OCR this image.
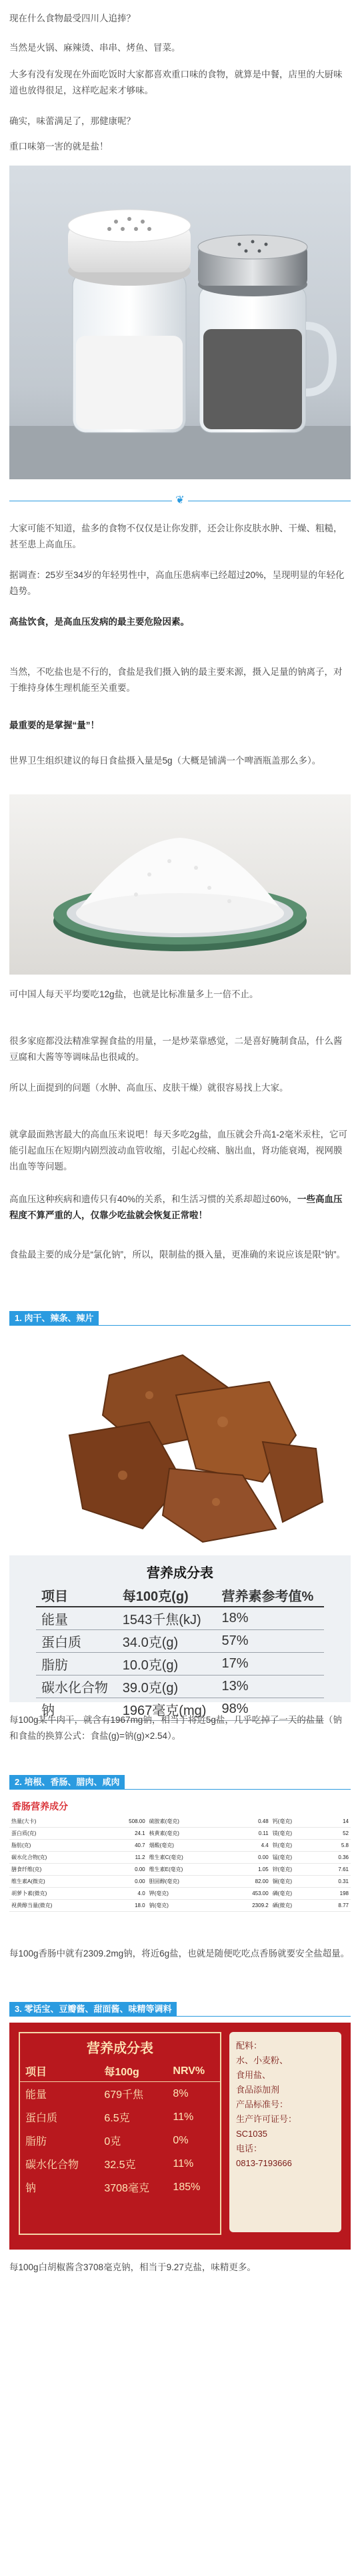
现在什么食物最受四川人追捧？

当然是火锅、麻辣烫、串串、烤鱼、冒菜。

大多有没有发现在外面吃饭时大家都喜欢重口味的食物，就算是中餐，店里的大厨味道也放得很足，这样吃起来才够味。

确实，味蕾满足了，那健康呢？

重口味第一害的就是盐！

❦

大家可能不知道，盐多的食物不仅仅是让你发胖，还会让你皮肤水肿、干燥、粗糙，甚至患上高血压。

据调查：25岁至34岁的年轻男性中，高血压患病率已经超过20%，呈现明显的年轻化趋势。

高盐饮食，是高血压发病的最主要危险因素。

当然，不吃盐也是不行的，食盐是我们摄入钠的最主要来源，摄入足量的钠离子，对于维持身体生理机能至关重要。

最重要的是掌握“量”！

世界卫生组织建议的每日食盐摄入量是5g（大概是铺满一个啤酒瓶盖那么多）。

可中国人每天平均要吃12g盐，也就是比标准量多上一倍不止。

很多家庭都没法精准掌握食盐的用量，一是炒菜靠感觉，二是喜好腌制食品，什么酱豆腐和大酱等等调味品也很咸的。

所以上面提到的问题（水肿、高血压、皮肤干燥）就很容易找上大家。

就拿最面熟害最大的高血压来说吧！每天多吃2g盐，血压就会升高1-2毫米汞柱，它可能引起血压在短期内剧烈波动血管收缩，引起心绞痛、脑出血，肾功能衰竭，视网膜出血等等问题。

高血压这种疾病和遗传只有40%的关系，和生活习惯的关系却超过60%，一些高血压程度不算严重的人，仅靠少吃盐就会恢复正常啦！

食盐最主要的成分是“氯化钠”，所以，限制盐的摄入量，更准确的来说应该是限“钠”。

1. 肉干、辣条、辣片
营养成分表
项目	每100克(g)	营养素参考值%
能量	1543千焦(kJ)	18%
蛋白质	34.0克(g)	57%
脂肪	10.0克(g)	17%
碳水化合物	39.0克(g)	13%
钠	1967毫克(mg)	98%

每100g某牛肉干，就含有1967mg钠，相当于将近5g盐，几乎吃掉了一天的盐量（钠和食盐的换算公式：食盐(g)=钠(g)×2.54）。

2. 培根、香肠、腊肉、咸肉
香肠营养成分
热量(大卡)	508.00	硫胺素(毫克)	0.48	钙(毫克)	14
蛋白质(克)	24.1	核黄素(毫克)	0.11	镁(毫克)	52
脂肪(克)	40.7	烟酸(毫克)	4.4	铁(毫克)	5.8
碳水化合物(克)	11.2	维生素C(毫克)	0.00	锰(毫克)	0.36
膳食纤维(克)	0.00	维生素E(毫克)	1.05	锌(毫克)	7.61
维生素A(微克)	0.00	胆固醇(毫克)	82.00	铜(毫克)	0.31
胡萝卜素(微克)	4.0	钾(毫克)	453.00	磷(毫克)	198
视黄醇当量(微克)	18.0	钠(毫克)	2309.2	硒(微克)	8.77

每100g香肠中就有2309.2mg钠，将近6g盐，也就是随便吃吃点香肠就要安全盐超量。

3. 零话宝、豆瓣酱、甜面酱、味精等调料
营养成分表
项目	每100g	NRV%
能量	679千焦	8%
蛋白质	6.5克	11%
脂肪	0克	0%
碳水化合物	32.5克	11%
钠	3708毫克	185%
配料：
水、小麦粉、
食用盐、
食品添加剂
产品标准号：
生产许可证号：
SC1035
电话：
0813-7193666

每100g白胡椒酱含3708毫克钠，相当于9.27克盐，味精更多。
